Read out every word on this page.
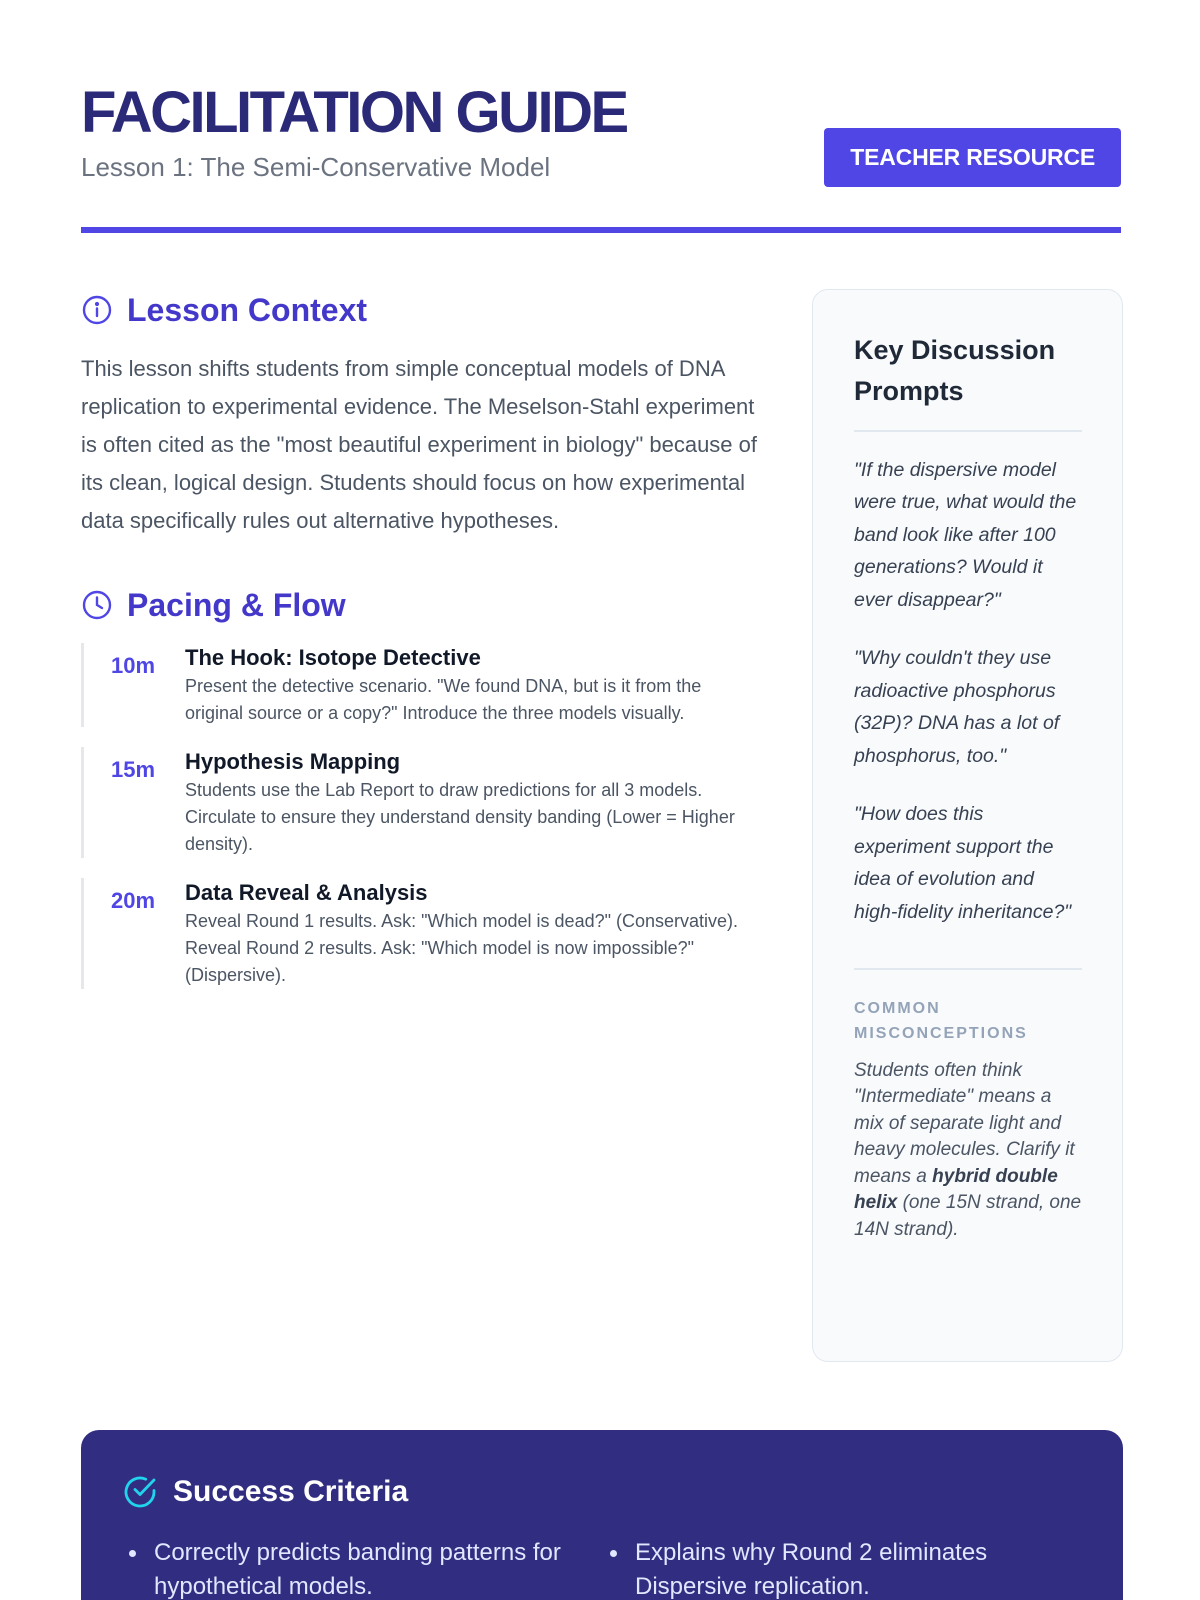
FACILITATION GUIDE
Lesson 1: The Semi-Conservative Model	TEACHER RESOURCE
Lesson Context

This lesson shifts students from simple conceptual models of DNA replication to experimental evidence. The Meselson-Stahl experiment is often cited as the "most beautiful experiment in biology" because of its clean, logical design. Students should focus on how experimental data specifically rules out alternative hypotheses.

Pacing & Flow
10m	The Hook: Isotope Detective
Present the detective scenario. "We found DNA, but is it from the original source or a copy?" Introduce the three models visually.
15m	Hypothesis Mapping
Students use the Lab Report to draw predictions for all 3 models. Circulate to ensure they understand density banding (Lower = Higher density).
20m	Data Reveal & Analysis
Reveal Round 1 results. Ask: "Which model is dead?" (Conservative). Reveal Round 2 results. Ask: "Which model is now impossible?" (Dispersive).
Key Discussion Prompts

"If the dispersive model were true, what would the band look like after 100 generations? Would it ever disappear?"

"Why couldn't they use radioactive phosphorus (32P)? DNA has a lot of phosphorus, too."

"How does this experiment support the idea of evolution and high-fidelity inheritance?"

COMMON MISCONCEPTIONS

Students often think "Intermediate" means a mix of separate light and heavy molecules. Clarify it means a hybrid double helix (one 15N strand, one 14N strand).

Success Criteria
Correctly predicts banding patterns for hypothetical models.
Explains why Round 2 eliminates Dispersive replication.
